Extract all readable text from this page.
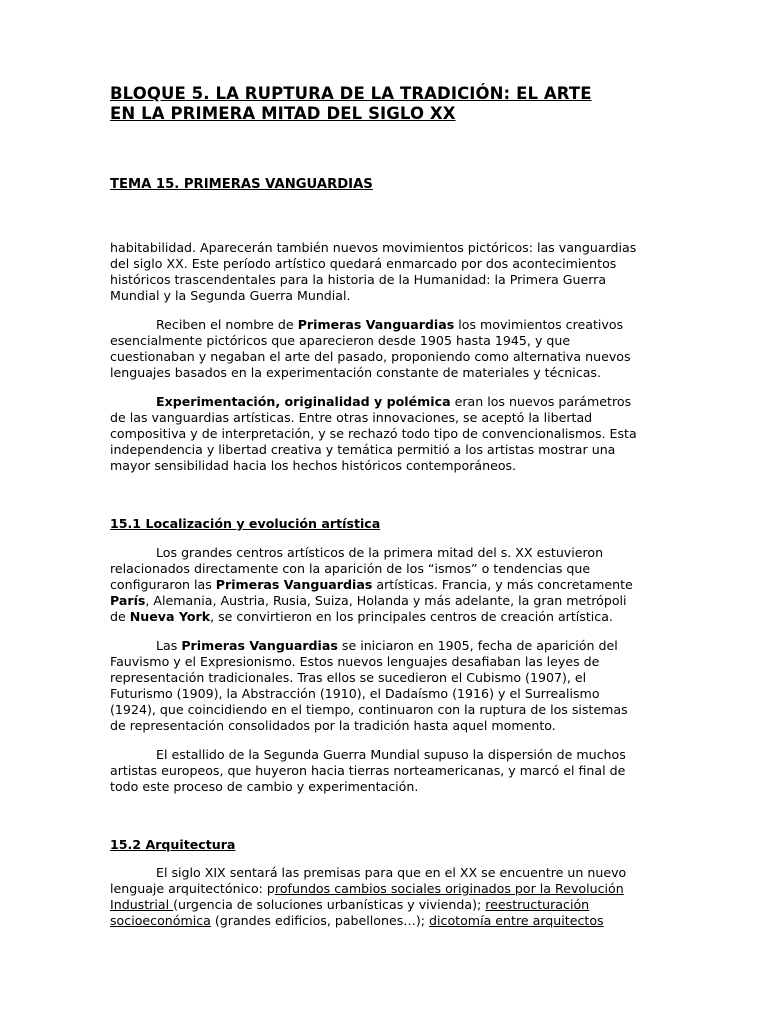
BLOQUE 5. LA RUPTURA DE LA TRADICIÓN: EL ARTE
EN LA PRIMERA MITAD DEL SIGLO XX
TEMA 15. PRIMERAS VANGUARDIAS

habitabilidad. Aparecerán también nuevos movimientos pictóricos: las vanguardias
del siglo XX. Este período artístico quedará enmarcado por dos acontecimientos
históricos trascendentales para la historia de la Humanidad: la Primera Guerra
Mundial y la Segunda Guerra Mundial.

Reciben el nombre de Primeras Vanguardias los movimientos creativos
esencialmente pictóricos que aparecieron desde 1905 hasta 1945, y que
cuestionaban y negaban el arte del pasado, proponiendo como alternativa nuevos
lenguajes basados en la experimentación constante de materiales y técnicas.

Experimentación, originalidad y polémica eran los nuevos parámetros
de las vanguardias artísticas. Entre otras innovaciones, se aceptó la libertad
compositiva y de interpretación, y se rechazó todo tipo de convencionalismos. Esta
independencia y libertad creativa y temática permitió a los artistas mostrar una
mayor sensibilidad hacia los hechos históricos contemporáneos.

15.1 Localización y evolución artística

Los grandes centros artísticos de la primera mitad del s. XX estuvieron
relacionados directamente con la aparición de los “ismos” o tendencias que
configuraron las Primeras Vanguardias artísticas. Francia, y más concretamente
París, Alemania, Austria, Rusia, Suiza, Holanda y más adelante, la gran metrópoli
de Nueva York, se convirtieron en los principales centros de creación artística.

Las Primeras Vanguardias se iniciaron en 1905, fecha de aparición del
Fauvismo y el Expresionismo. Estos nuevos lenguajes desafiaban las leyes de
representación tradicionales. Tras ellos se sucedieron el Cubismo (1907), el
Futurismo (1909), la Abstracción (1910), el Dadaísmo (1916) y el Surrealismo
(1924), que coincidiendo en el tiempo, continuaron con la ruptura de los sistemas
de representación consolidados por la tradición hasta aquel momento.

El estallido de la Segunda Guerra Mundial supuso la dispersión de muchos
artistas europeos, que huyeron hacia tierras norteamericanas, y marcó el final de
todo este proceso de cambio y experimentación.

15.2 Arquitectura

El siglo XIX sentará las premisas para que en el XX se encuentre un nuevo
lenguaje arquitectónico: profundos cambios sociales originados por la Revolución
Industrial (urgencia de soluciones urbanísticas y vivienda); reestructuración
socioeconómica (grandes edificios, pabellones…); dicotomía entre arquitectos
